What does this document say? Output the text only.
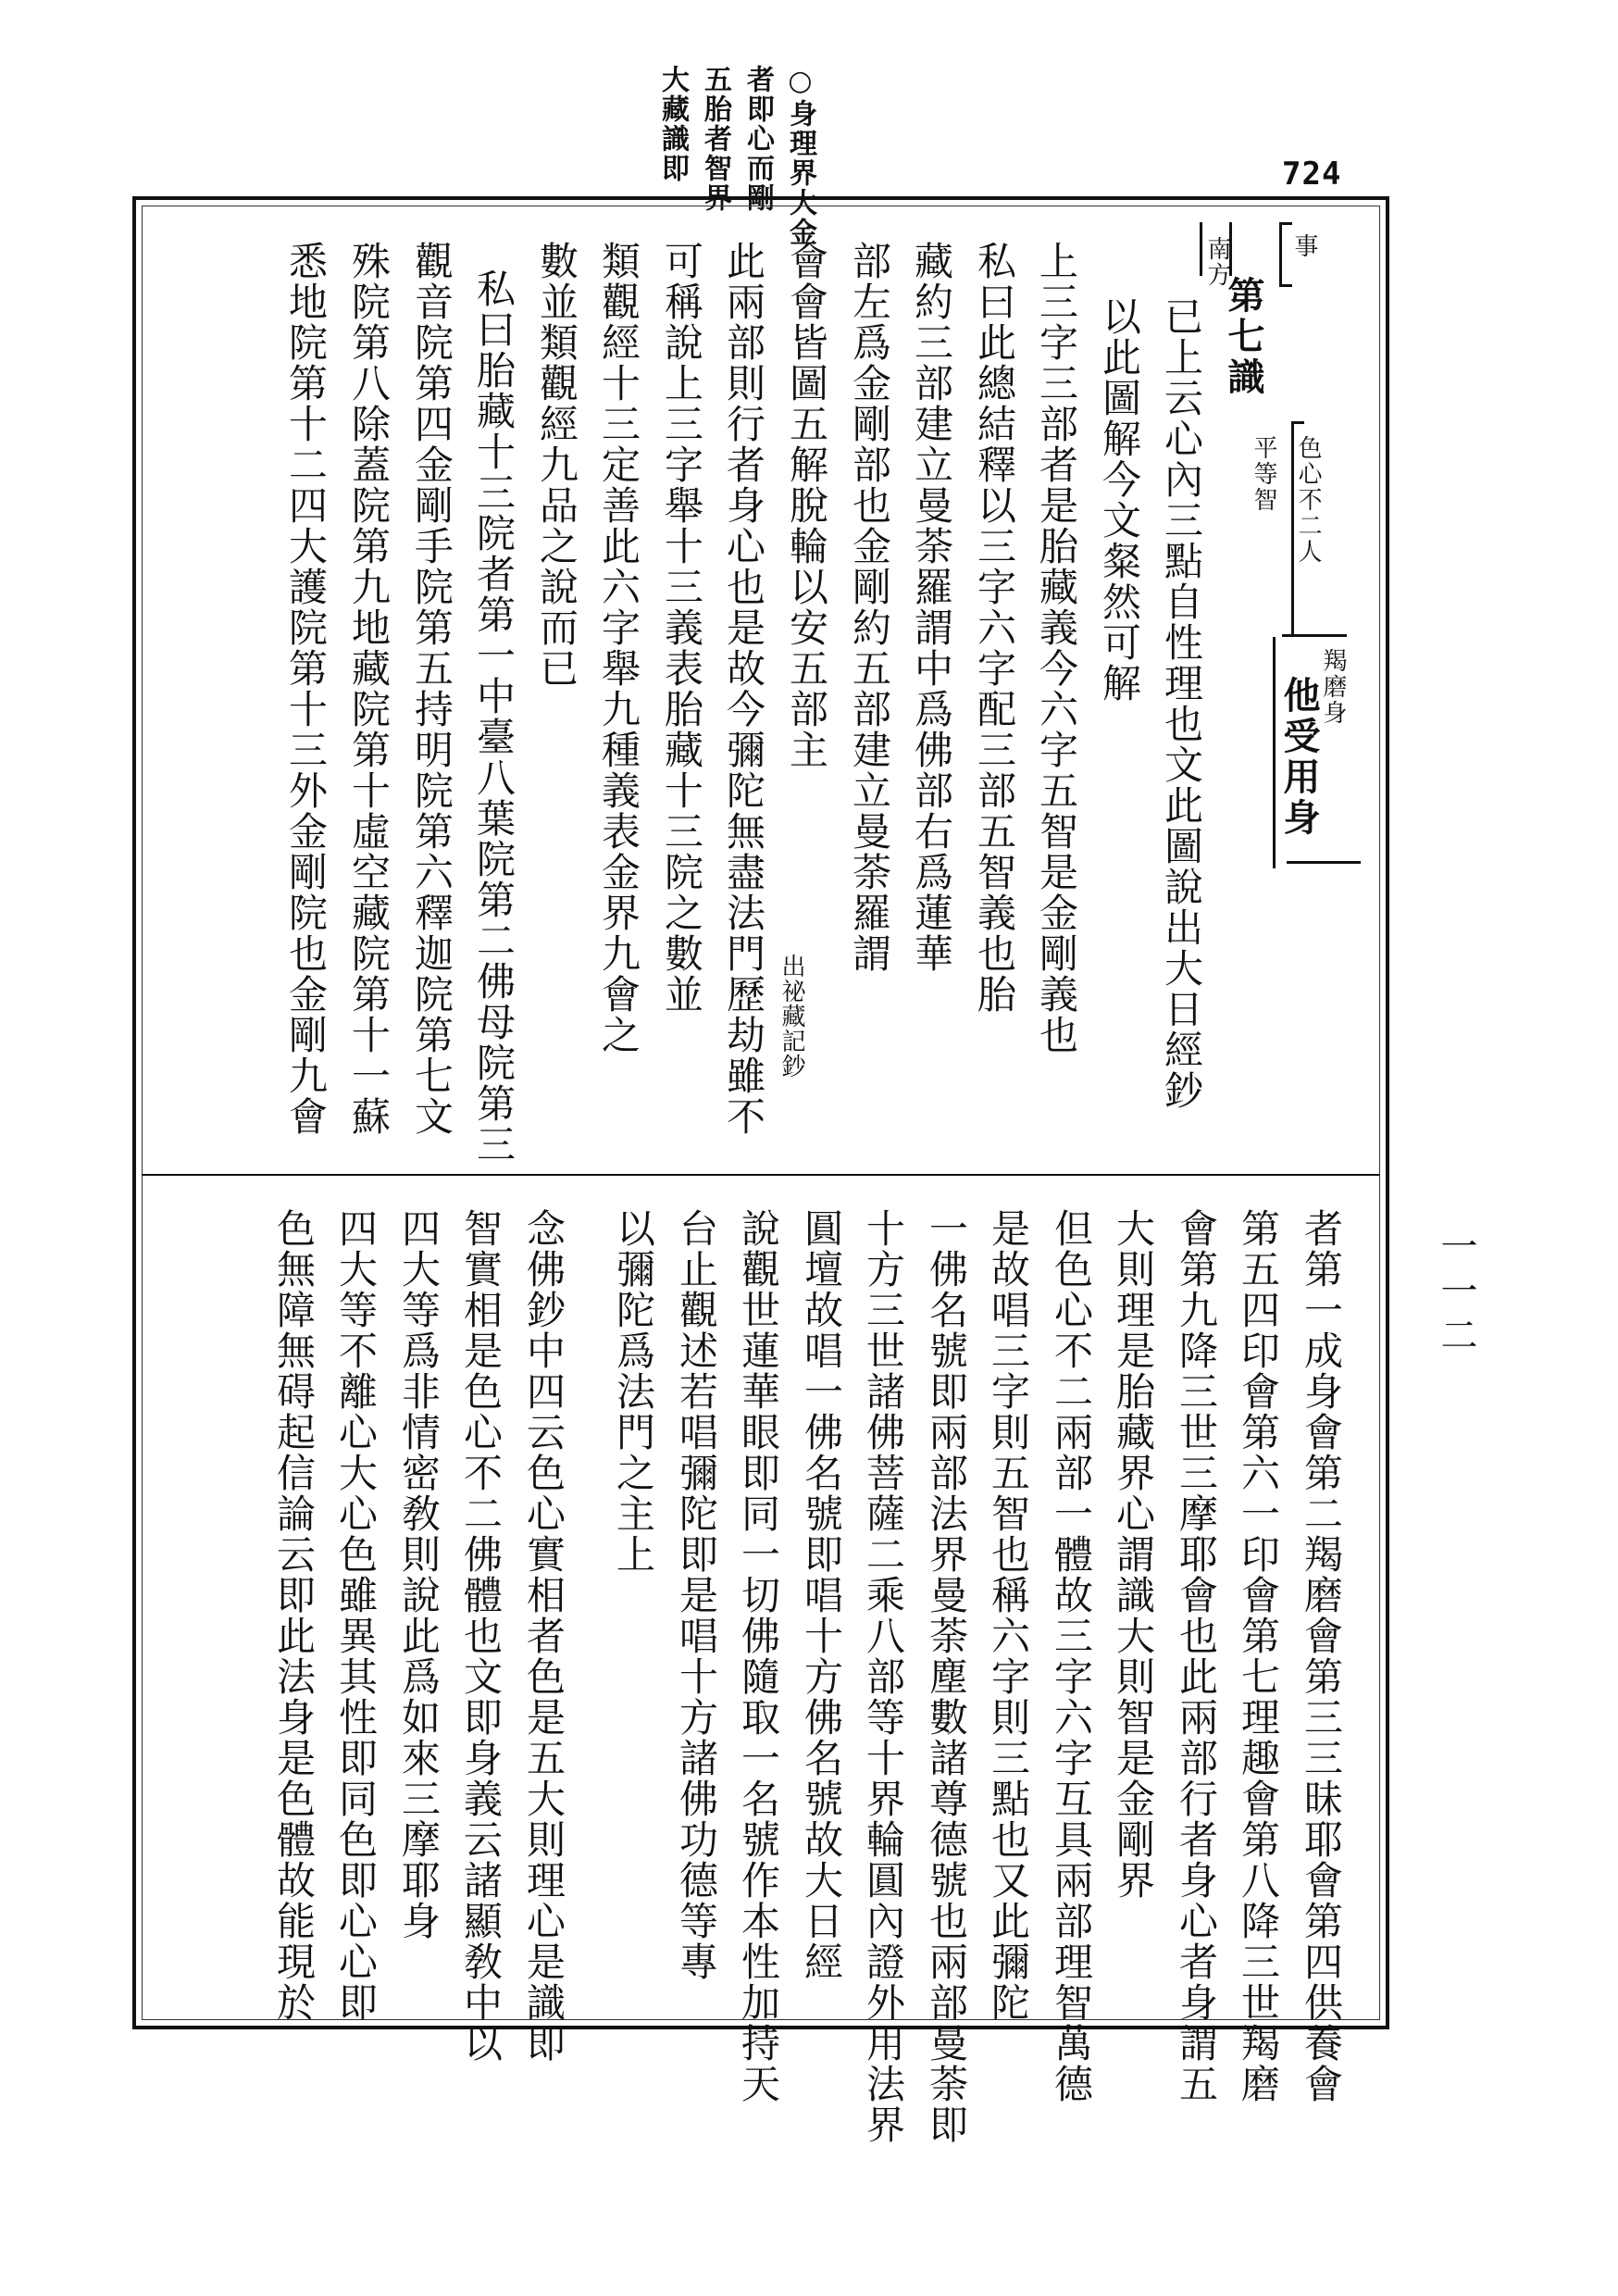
○身理界大金
者即心而剛
五胎者智界
大藏識即	724
事
第七識
南方
色心不二人
平等智
羯磨身
他受用身
已上云心內三點自性理也文此圖說出大日經鈔
以此圖解今文粲然可解
上三字三部者是胎藏義今六字五智是金剛義也
私曰此總結釋以三字六字配三部五智義也胎
藏約三部建立曼荼羅謂中爲佛部右爲蓮華
部左爲金剛部也金剛約五部建立曼荼羅謂
會會皆圖五解脫輪以安五部主
出祕藏記鈔
此兩部則行者身心也是故今彌陀無盡法門歷劫雖不
可稱說上三字舉十三義表胎藏十三院之數並
類觀經十三定善此六字舉九種義表金界九會之
數並類觀經九品之說而已
私曰胎藏十三院者第一中臺八葉院第二佛母院第三
觀音院第四金剛手院第五持明院第六釋迦院第七文
殊院第八除蓋院第九地藏院第十虛空藏院第十一蘇
悉地院第十二四大護院第十三外金剛院也金剛九會
者第一成身會第二羯磨會第三三昧耶會第四供養會
第五四印會第六一印會第七理趣會第八降三世羯磨
會第九降三世三摩耶會也此兩部行者身心者身謂五
大則理是胎藏界心謂識大則智是金剛界
但色心不二兩部一體故三字六字互具兩部理智萬德
是故唱三字則五智也稱六字則三點也又此彌陀
一佛名號即兩部法界曼荼塵數諸尊德號也兩部曼荼即
十方三世諸佛菩薩二乘八部等十界輪圓內證外用法界
圓壇故唱一佛名號即唱十方佛名號故大日經
說觀世蓮華眼即同一切佛隨取一名號作本性加持天
台止觀述若唱彌陀即是唱十方諸佛功德等專
以彌陀爲法門之主上
念佛鈔中四云色心實相者色是五大則理心是識即
智實相是色心不二佛體也文即身義云諸顯敎中以
四大等爲非情密敎則說此爲如來三摩耶身
四大等不離心大心色雖異其性即同色即心心即
色無障無碍起信論云即此法身是色體故能現於	一一二
